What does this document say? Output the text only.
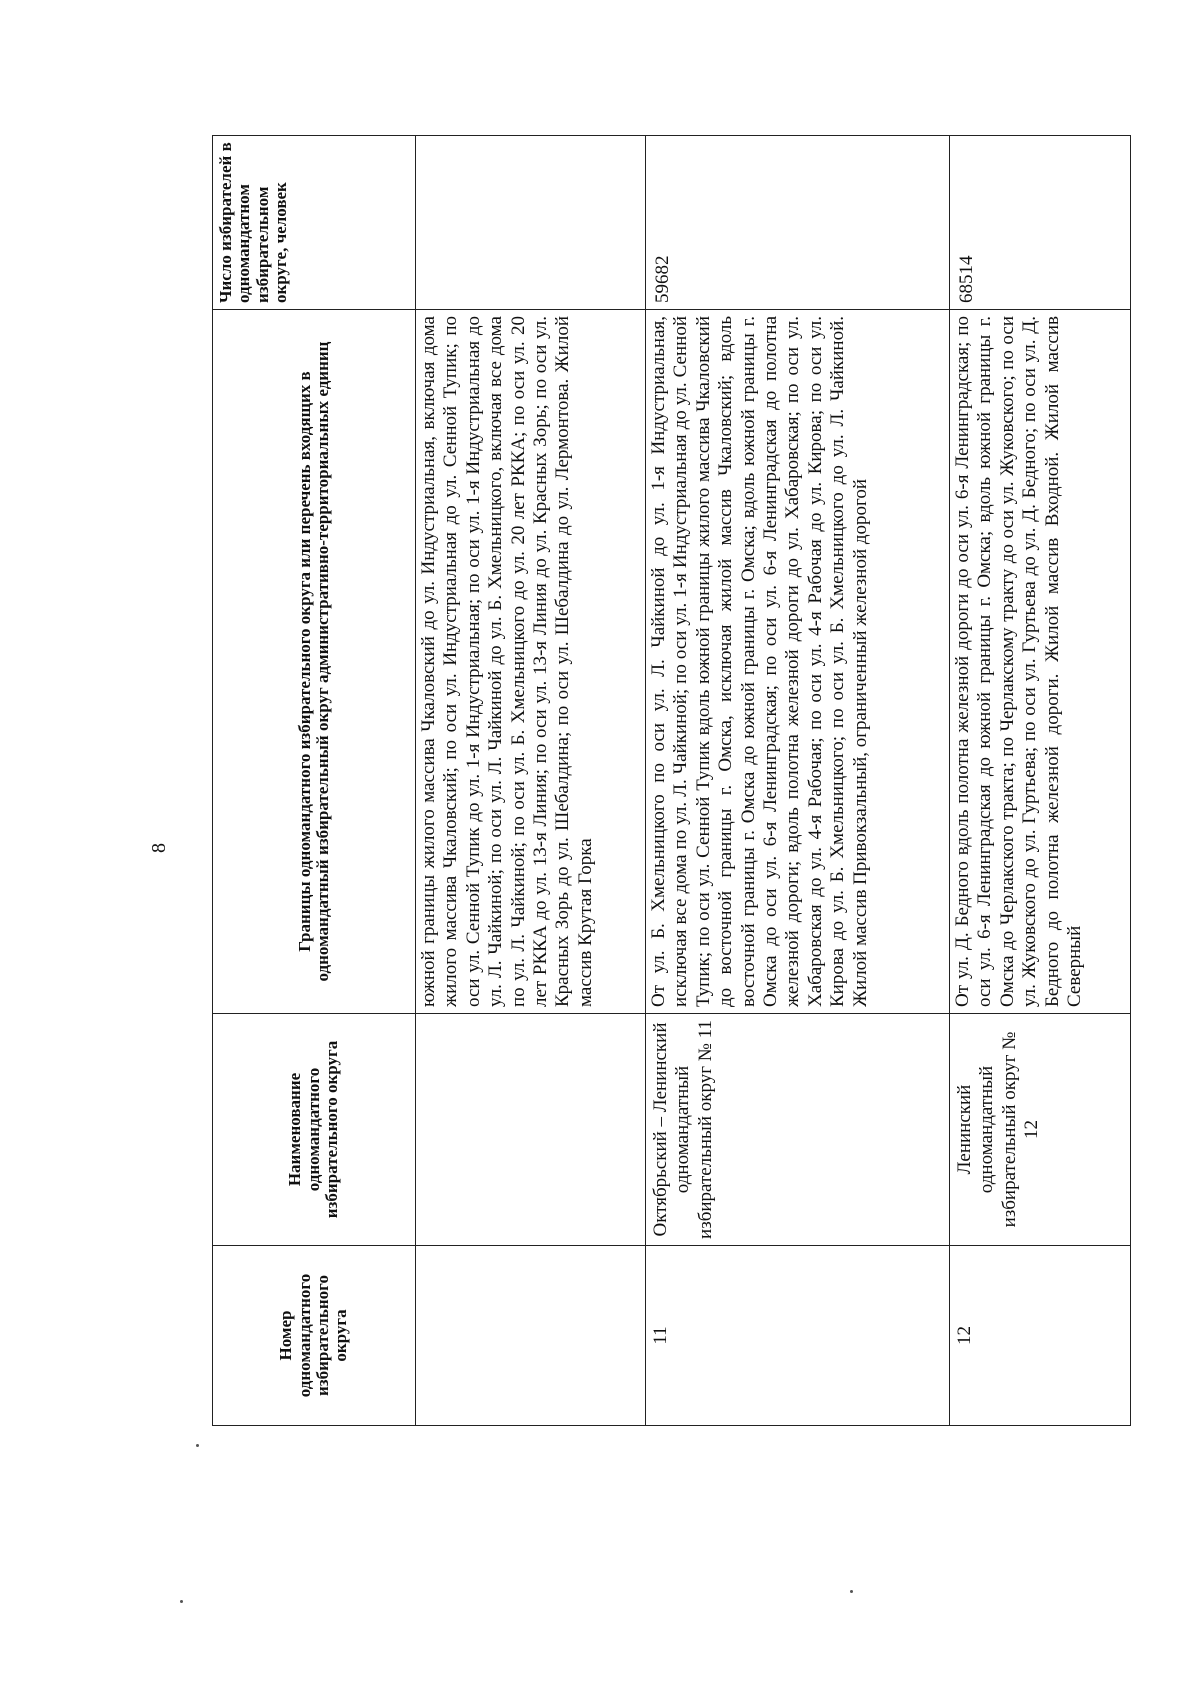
8
Номер одномандатного избирательного округа	Наименование одномандатного избирательного округа	Границы одномандатного избирательного округа или перечень входящих в одномандатный избирательный округ административно-территориальных единиц	Число избирателей в одномандатном избирательном округе, человек
		южной границы жилого массива Чкаловский до ул. Индустриальная, включая дома жилого массива Чкаловский; по оси ул. Индустриальная до ул. Сенной Тупик; по оси ул. Сенной Тупик до ул. 1-я Индустриальная; по оси ул. 1-я Индустриальная до ул. Л. Чайкиной; по оси ул. Л. Чайкиной до ул. Б. Хмельницкого, включая все дома по ул. Л. Чайкиной; по оси ул. Б. Хмельницкого до ул. 20 лет РККА; по оси ул. 20 лет РККА до ул. 13-я Линия; по оси ул. 13-я Линия до ул. Красных Зорь; по оси ул. Красных Зорь до ул. Шебалдина; по оси ул. Шебалдина до ул. Лермонтова. Жилой массив Крутая Горка	
11	Октябрьский – Ленинский одномандатный избирательный округ № 11	От ул. Б. Хмельницкого по оси ул. Л. Чайкиной до ул. 1-я Индустриальная, исключая все дома по ул. Л. Чайкиной; по оси ул. 1-я Индустриальная до ул. Сенной Тупик; по оси ул. Сенной Тупик вдоль южной границы жилого массива Чкаловский до восточной границы г. Омска, исключая жилой массив Чкаловский; вдоль восточной границы г. Омска до южной границы г. Омска; вдоль южной границы г. Омска до оси ул. 6-я Ленинградская; по оси ул. 6-я Ленинградская до полотна железной дороги; вдоль полотна железной дороги до ул. Хабаровская; по оси ул. Хабаровская до ул. 4-я Рабочая; по оси ул. 4-я Рабочая до ул. Кирова; по оси ул. Кирова до ул. Б. Хмельницкого; по оси ул. Б. Хмельницкого до ул. Л. Чайкиной. Жилой массив Привокзальный, ограниченный железной дорогой	59682
12	Ленинский одномандатный избирательный округ № 12	От ул. Д. Бедного вдоль полотна железной дороги до оси ул. 6-я Ленинградская; по оси ул. 6-я Ленинградская до южной границы г. Омска; вдоль южной границы г. Омска до Черлакского тракта; по Черлакскому тракту до оси ул. Жуковского; по оси ул. Жуковского до ул. Гуртьева; по оси ул. Гуртьева до ул. Д. Бедного; по оси ул. Д. Бедного до полотна железной дороги. Жилой массив Входной. Жилой массив Северный	68514
